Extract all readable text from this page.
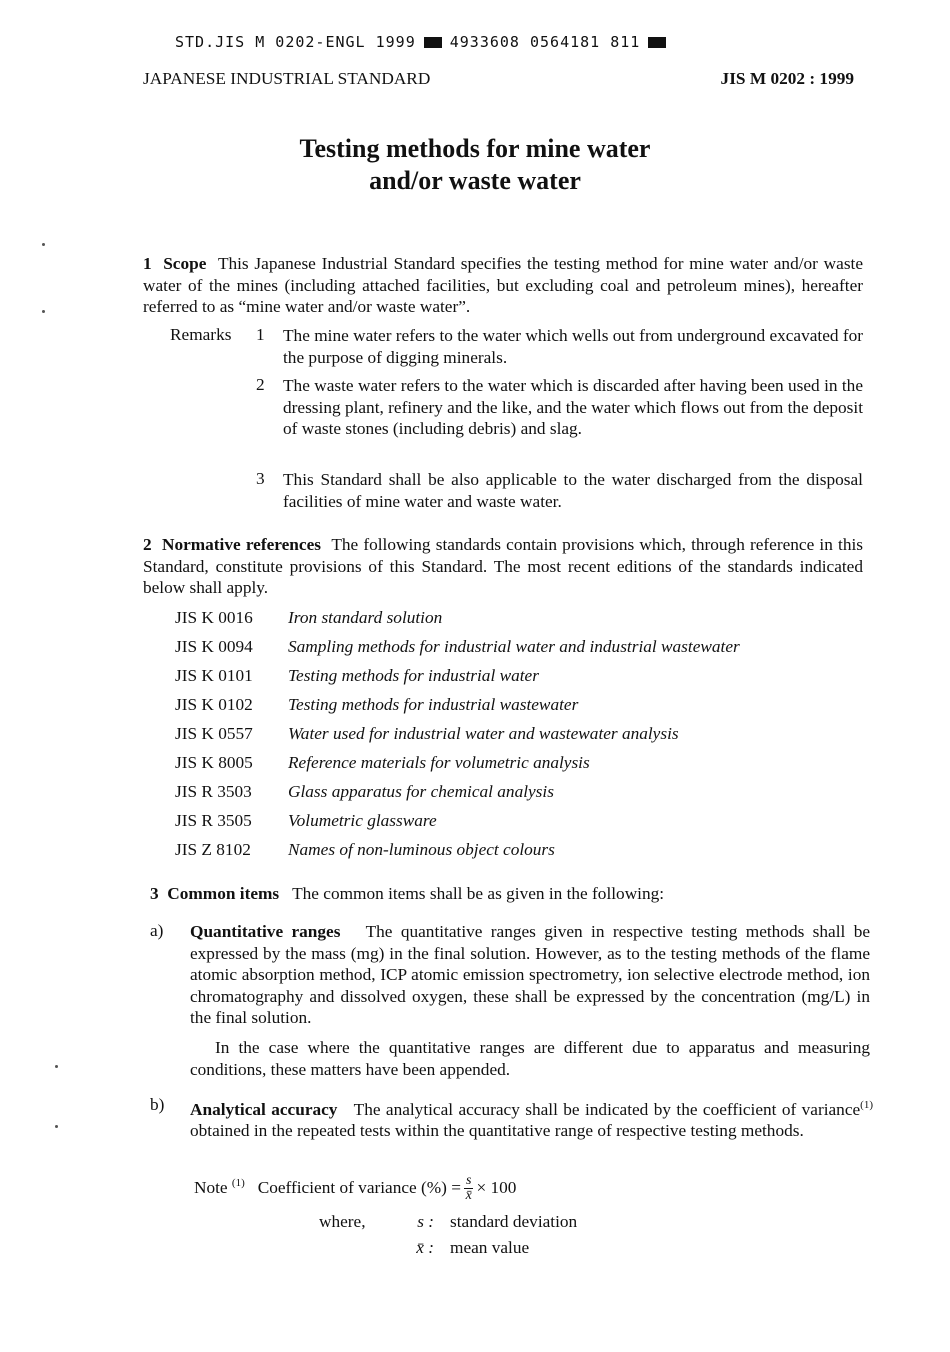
STD.JIS M 0202-ENGL 1999 4933608 0564181 811
JAPANESE INDUSTRIAL STANDARD	JIS M 0202 : 1999
Testing methods for mine water
and/or waste water
1 Scope This Japanese Industrial Standard specifies the testing method for mine water and/or waste water of the mines (including attached facilities, but excluding coal and petroleum mines), hereafter referred to as “mine water and/or waste water”.
Remarks 1 The mine water refers to the water which wells out from underground excavated for the purpose of digging minerals.
2 The waste water refers to the water which is discarded after having been used in the dressing plant, refinery and the like, and the water which flows out from the deposit of waste stones (including debris) and slag.
3 This Standard shall be also applicable to the water discharged from the disposal facilities of mine water and waste water.
2 Normative references The following standards contain provisions which, through reference in this Standard, constitute provisions of this Standard. The most recent editions of the standards indicated below shall apply.
JIS K 0016 Iron standard solution
JIS K 0094 Sampling methods for industrial water and industrial wastewater
JIS K 0101 Testing methods for industrial water
JIS K 0102 Testing methods for industrial wastewater
JIS K 0557 Water used for industrial water and wastewater analysis
JIS K 8005 Reference materials for volumetric analysis
JIS R 3503 Glass apparatus for chemical analysis
JIS R 3505 Volumetric glassware
JIS Z 8102 Names of non-luminous object colours
3 Common items The common items shall be as given in the following:
a) Quantitative ranges The quantitative ranges given in respective testing methods shall be expressed by the mass (mg) in the final solution. However, as to the testing methods of the flame atomic absorption method, ICP atomic emission spectrometry, ion selective electrode method, ion chromatography and dissolved oxygen, these shall be expressed by the concentration (mg/L) in the final solution.
In the case where the quantitative ranges are different due to apparatus and measuring conditions, these matters have been appended.
b) Analytical accuracy The analytical accuracy shall be indicated by the coefficient of variance$^{(1)}$ obtained in the repeated tests within the quantitative range of respective testing methods.
Note $^{(1)}$ Coefficient of variance (%) = $\frac{s}{x̄} \times 100$
where,	s : standard deviation
x̄ : mean value
